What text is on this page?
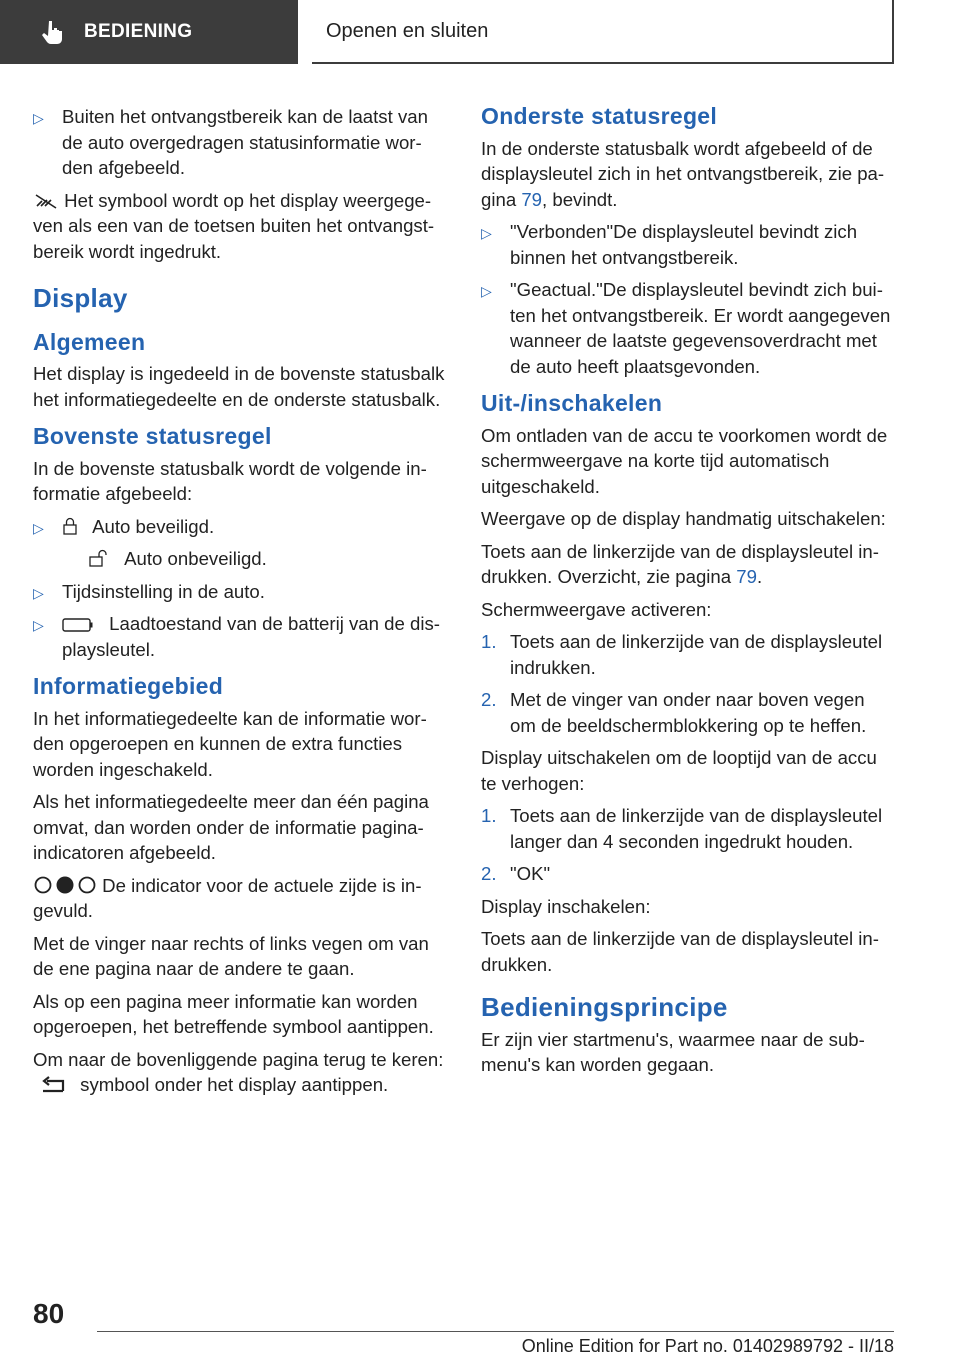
BEDIENING	Openen en sluiten
▷ Buiten het ontvangstbereik kan de laatst van de auto overgedragen statusinformatie worden afgebeeld.

Het symbool wordt op het display weergegeven als een van de toetsen buiten het ontvangstbereik wordt ingedrukt.

Display
Algemeen

Het display is ingedeeld in de bovenste statusbalk het informatiegedeelte en de onderste statusbalk.

Bovenste statusregel

In de bovenste statusbalk wordt de volgende informatie afgebeeld:

▷	Auto beveiligd.
Auto onbeveiligd.
▷ Tijdsinstelling in de auto.
▷	Laadtoestand van de batterij van de displaysleutel.
Informatiegebied

In het informatiegedeelte kan de informatie worden opgeroepen en kunnen de extra functies worden ingeschakeld.

Als het informatiegedeelte meer dan één pagina omvat, dan worden onder de informatie paginaindicatoren afgebeeld.

De indicator voor de actuele zijde is ingevuld.

Met de vinger naar rechts of links vegen om van de ene pagina naar de andere te gaan.

Als op een pagina meer informatie kan worden opgeroepen, het betreffende symbool aantippen.

Om naar de bovenliggende pagina terug te keren:  symbool onder het display aantippen.

Onderste statusregel

In de onderste statusbalk wordt afgebeeld of de displaysleutel zich in het ontvangstbereik, zie pagina 79, bevindt.

▷ "Verbonden"De displaysleutel bevindt zich binnen het ontvangstbereik.
▷ "Geactual."De displaysleutel bevindt zich buiten het ontvangstbereik. Er wordt aangegeven wanneer de laatste gegevensoverdracht met de auto heeft plaatsgevonden.
Uit-/inschakelen

Om ontladen van de accu te voorkomen wordt de schermweergave na korte tijd automatisch uitgeschakeld.

Weergave op de display handmatig uitschakelen:

Toets aan de linkerzijde van de displaysleutel indrukken. Overzicht, zie pagina 79.

Schermweergave activeren:

1. Toets aan de linkerzijde van de displaysleutel indrukken.
2. Met de vinger van onder naar boven vegen om de beeldschermblokkering op te heffen.

Display uitschakelen om de looptijd van de accu te verhogen:

1. Toets aan de linkerzijde van de displaysleutel langer dan 4 seconden ingedrukt houden.
2. "OK"

Display inschakelen:

Toets aan de linkerzijde van de displaysleutel indrukken.

Bedieningsprincipe

Er zijn vier startmenu's, waarmee naar de submenu's kan worden gegaan.

80
Online Edition for Part no. 01402989792 - II/18
